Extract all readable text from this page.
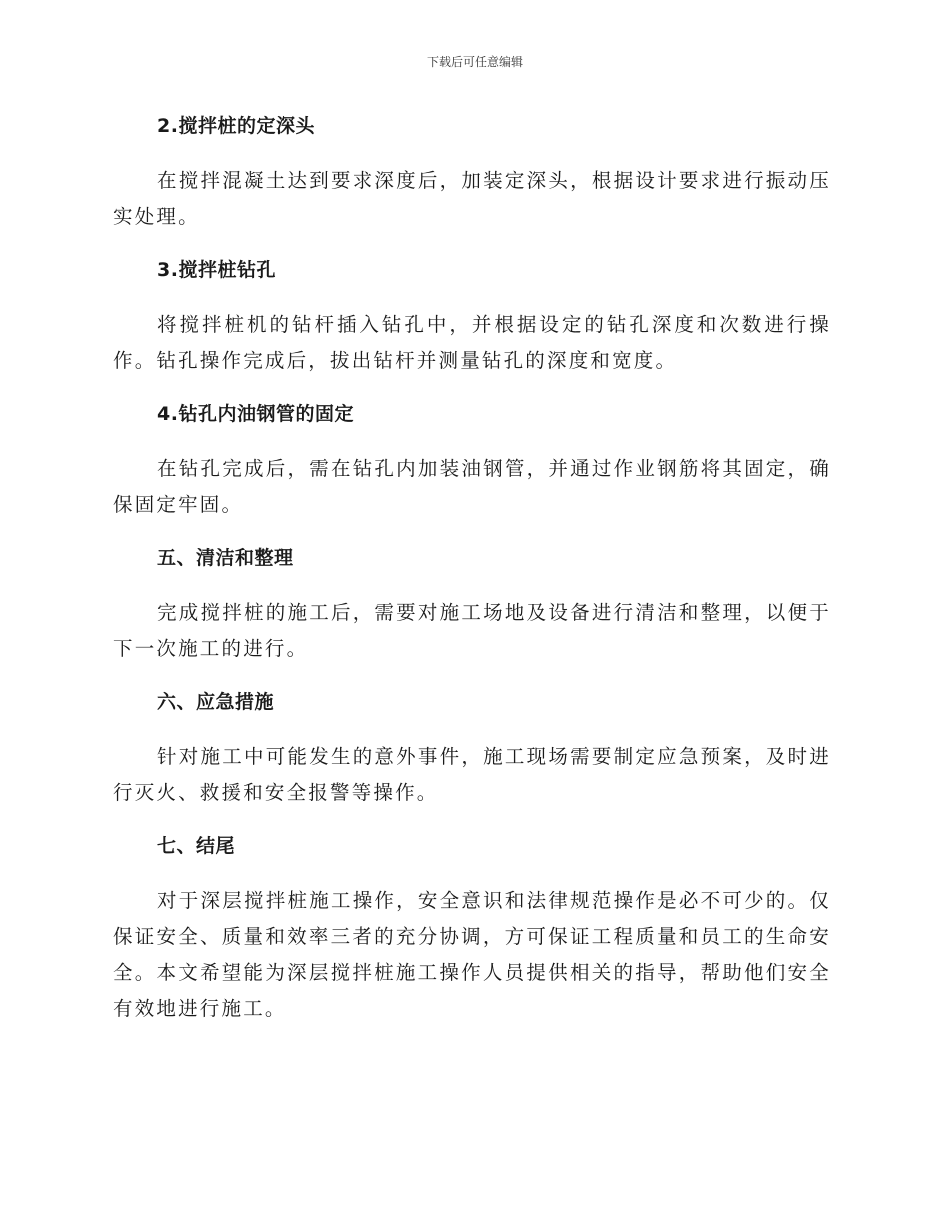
下载后可任意编辑
2.搅拌桩的定深头

在搅拌混凝土达到要求深度后，加装定深头，根据设计要求进行振动压实处理。

3.搅拌桩钻孔

将搅拌桩机的钻杆插入钻孔中，并根据设定的钻孔深度和次数进行操作。钻孔操作完成后，拔出钻杆并测量钻孔的深度和宽度。

4.钻孔内油钢管的固定

在钻孔完成后，需在钻孔内加装油钢管，并通过作业钢筋将其固定，确保固定牢固。

五、清洁和整理

完成搅拌桩的施工后，需要对施工场地及设备进行清洁和整理，以便于下一次施工的进行。

六、应急措施

针对施工中可能发生的意外事件，施工现场需要制定应急预案，及时进行灭火、救援和安全报警等操作。

七、结尾

对于深层搅拌桩施工操作，安全意识和法律规范操作是必不可少的。仅保证安全、质量和效率三者的充分协调，方可保证工程质量和员工的生命安全。本文希望能为深层搅拌桩施工操作人员提供相关的指导，帮助他们安全有效地进行施工。
